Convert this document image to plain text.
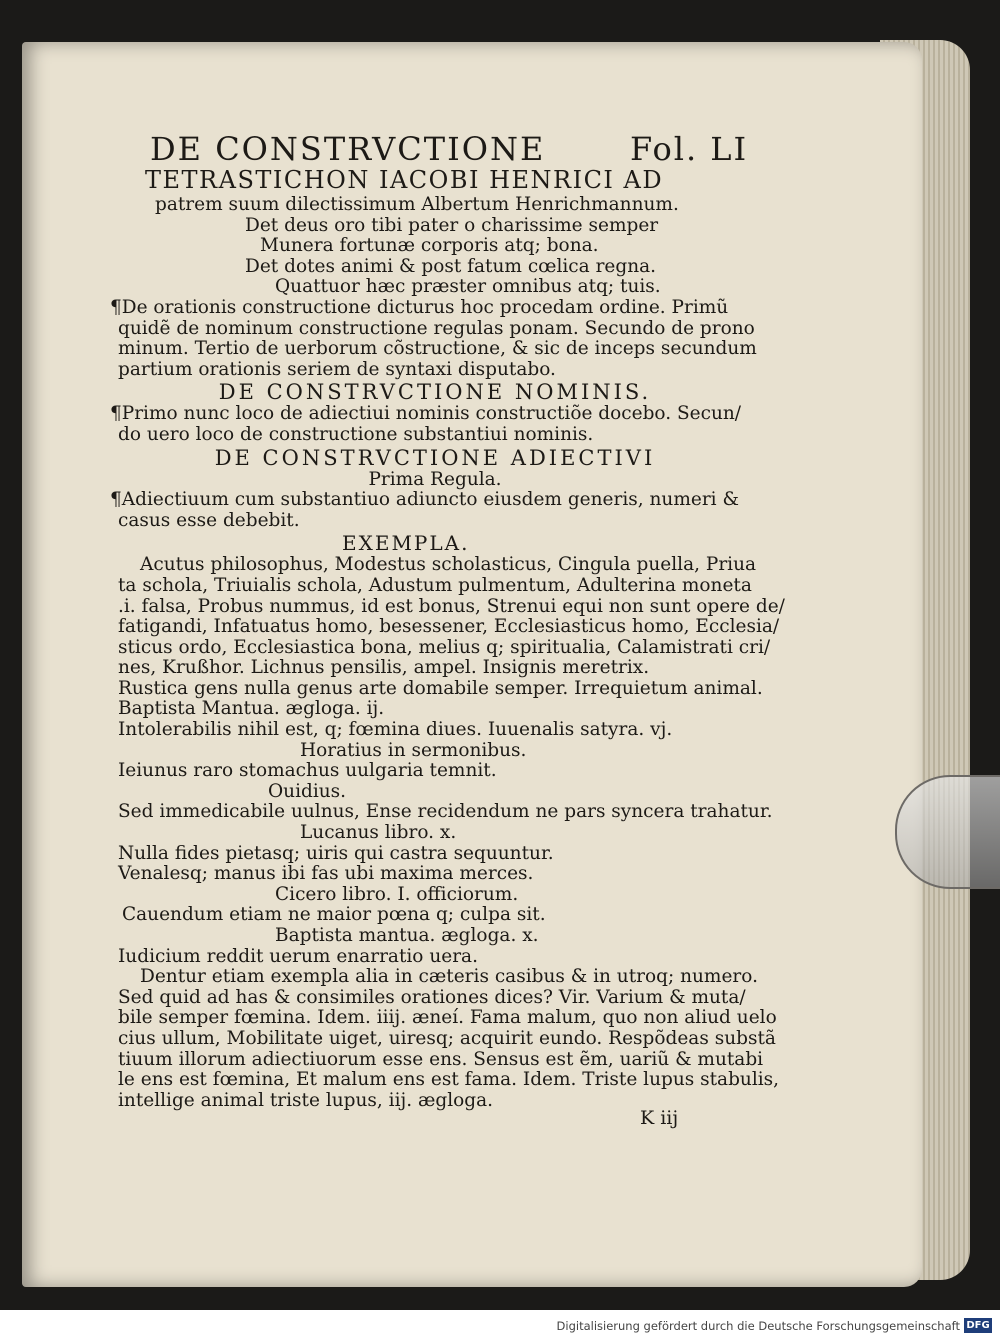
DE CONSTRVCTIONE	Fol. LI
TETRASTICHON IACOBI HENRICI AD
patrem suum dilectissimum Albertum Henrichmannum.
Det deus oro tibi pater o charissime semper
Munera fortunæ corporis atq; bona.
Det dotes animi & post fatum cœlica regna.
Quattuor hæc præster omnibus atq; tuis.
¶De orationis constructione dicturus hoc procedam ordine. Primũ
quidẽ de nominum constructione regulas ponam. Secundo de prono
minum. Tertio de uerborum cõstructione, & sic de inceps secundum
partium orationis seriem de syntaxi disputabo.
DE CONSTRVCTIONE NOMINIS.
¶Primo nunc loco de adiectiui nominis constructiõe docebo. Secun/
do uero loco de constructione substantiui nominis.
DE CONSTRVCTIONE ADIECTIVI
Prima Regula.
¶Adiectiuum cum substantiuo adiuncto eiusdem generis, numeri &
casus esse debebit.
EXEMPLA.
Acutus philosophus, Modestus scholasticus, Cingula puella, Priua
ta schola, Triuialis schola, Adustum pulmentum, Adulterina moneta
.i. falsa, Probus nummus, id est bonus, Strenui equi non sunt opere de/
fatigandi, Infatuatus homo, besessener, Ecclesiasticus homo, Ecclesia/
sticus ordo, Ecclesiastica bona, melius q; spiritualia, Calamistrati cri/
nes, Krußhor. Lichnus pensilis, ampel. Insignis meretrix.
Rustica gens nulla genus arte domabile semper. Irrequietum animal.
Baptista Mantua. æglogа. ij.
Intolerabilis nihil est, q; fœmina diues. Iuuenalis satyra. vj.
Horatius in sermonibus.
Ieiunus raro stomachus uulgaria temnit.
Ouidius.
Sed immedicabile uulnus, Ense recidendum ne pars syncera trahatur.
Lucanus libro. x.
Nulla fides pietasq; uiris qui castra sequuntur.
Venalesq; manus ibi fas ubi maxima merces.
Cicero libro. I. officiorum.
Cauendum etiam ne maior pœna q; culpa sit.
Baptista mantua. æglogа. x.
Iudicium reddit uerum enarratio uera.
Dentur etiam exempla alia in cæteris casibus & in utroq; numero.
Sed quid ad has & consimiles orationes dices? Vir. Varium & muta/
bile semper fœmina. Idem. iiij. æneí. Fama malum, quo non aliud uelo
cius ullum, Mobilitate uiget, uiresq; acquirit eundo. Respõdeas substã
tiuum illorum adiectiuorum esse ens. Sensus est ẽm, uariũ & mutabi
le ens est fœmina, Et malum ens est fama. Idem. Triste lupus stabulis,
intellige animal triste lupus, iij. æglogа.
K iij
Digitalisierung gefördert durch die Deutsche Forschungsgemeinschaft DFG
